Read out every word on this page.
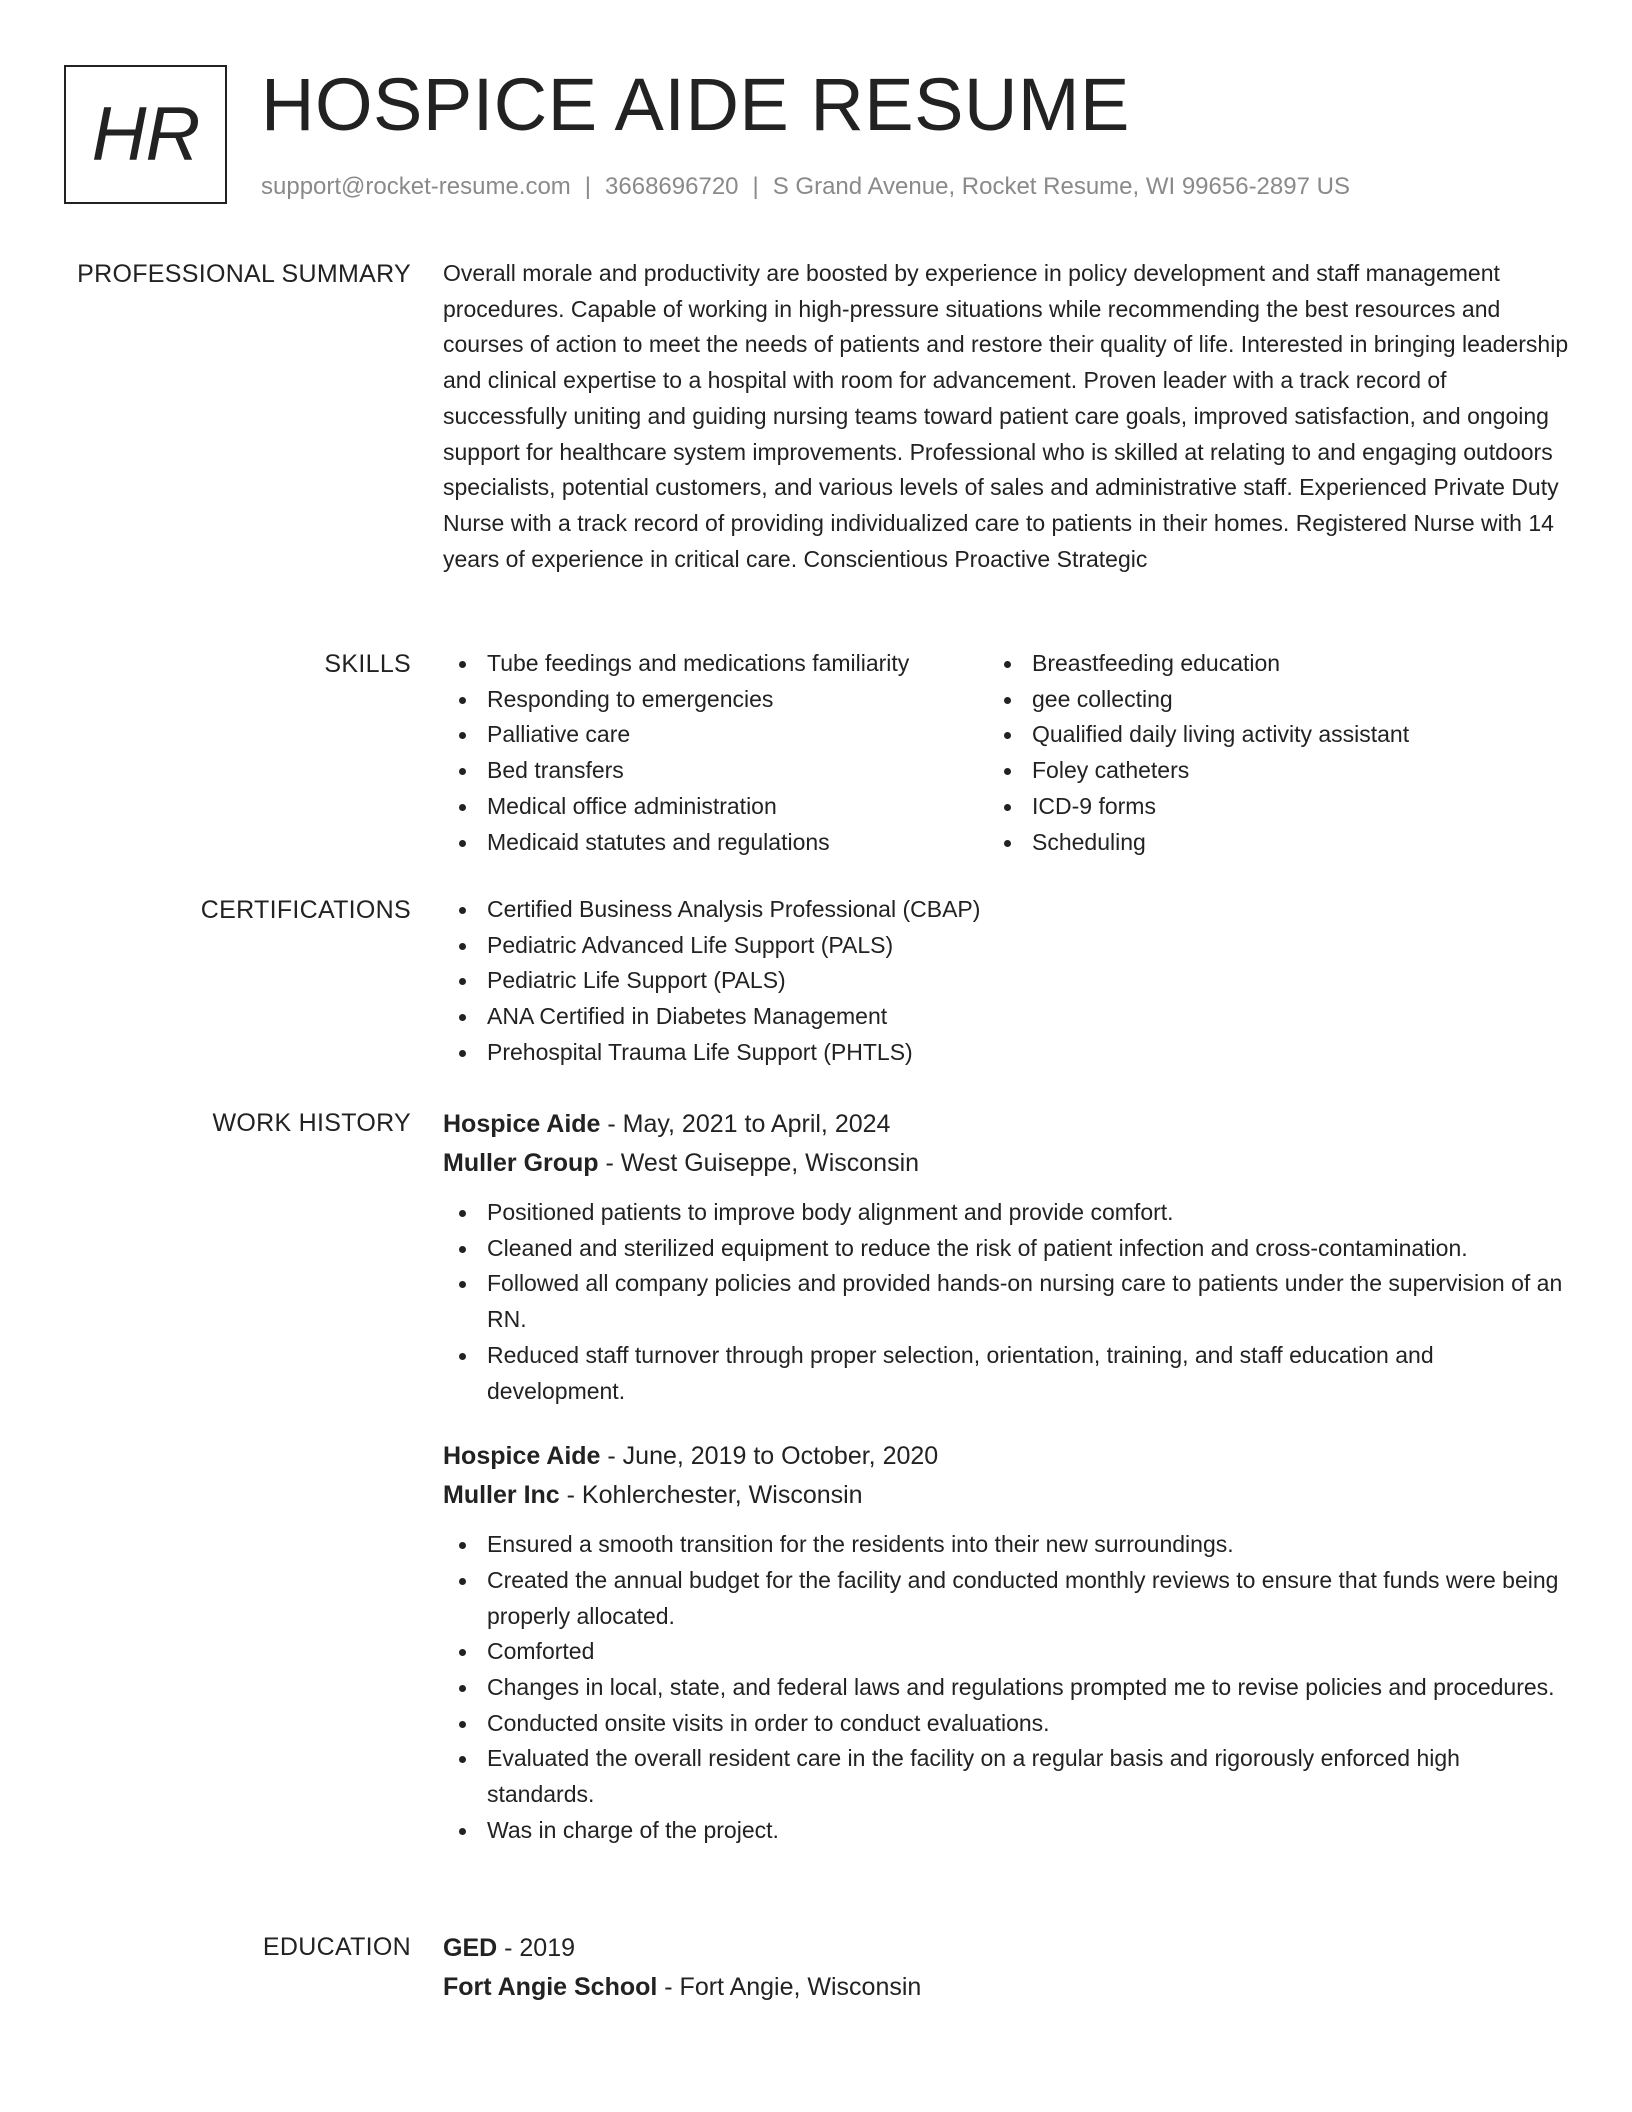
HR HOSPICE AIDE RESUME
support@rocket-resume.com | 3668696720 | S Grand Avenue, Rocket Resume, WI 99656-2897 US
PROFESSIONAL SUMMARY Overall morale and productivity are boosted by experience in policy development and staff management procedures. Capable of working in high-pressure situations while recommending the best resources and courses of action to meet the needs of patients and restore their quality of life. Interested in bringing leadership and clinical expertise to a hospital with room for advancement. Proven leader with a track record of successfully uniting and guiding nursing teams toward patient care goals, improved satisfaction, and ongoing support for healthcare system improvements. Professional who is skilled at relating to and engaging outdoors specialists, potential customers, and various levels of sales and administrative staff. Experienced Private Duty Nurse with a track record of providing individualized care to patients in their homes. Registered Nurse with 14 years of experience in critical care. Conscientious Proactive Strategic

SKILLS	Tube feedings and medications familiarity
Responding to emergencies
Palliative care
Bed transfers
Medical office administration
Medicaid statutes and regulations
Breastfeeding education
gee collecting
Qualified daily living activity assistant
Foley catheters
ICD-9 forms
Scheduling
CERTIFICATIONS	Certified Business Analysis Professional (CBAP)
Pediatric Advanced Life Support (PALS)
Pediatric Life Support (PALS)
ANA Certified in Diabetes Management
Prehospital Trauma Life Support (PHTLS)
WORK HISTORY Hospice Aide - May, 2021 to April, 2024
Muller Group - West Guiseppe, Wisconsin
Positioned patients to improve body alignment and provide comfort.
Cleaned and sterilized equipment to reduce the risk of patient infection and cross-contamination.
Followed all company policies and provided hands-on nursing care to patients under the supervision of an RN.
Reduced staff turnover through proper selection, orientation, training, and staff education and development.
Hospice Aide - June, 2019 to October, 2020
Muller Inc - Kohlerchester, Wisconsin
Ensured a smooth transition for the residents into their new surroundings.
Created the annual budget for the facility and conducted monthly reviews to ensure that funds were being properly allocated.
Comforted
Changes in local, state, and federal laws and regulations prompted me to revise policies and procedures.
Conducted onsite visits in order to conduct evaluations.
Evaluated the overall resident care in the facility on a regular basis and rigorously enforced high standards.
Was in charge of the project.
EDUCATION GED - 2019
Fort Angie School - Fort Angie, Wisconsin
